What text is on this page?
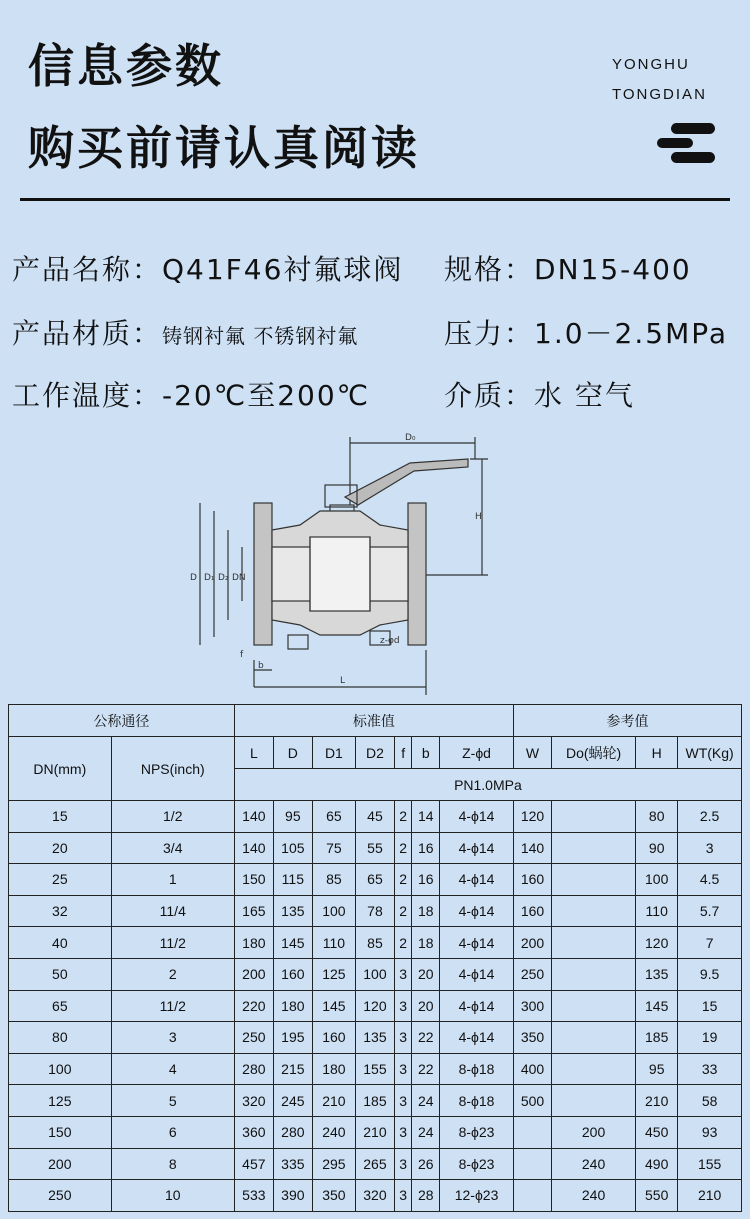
信息参数
购买前请认真阅读
YONGHU
TONGDIAN
产品名称：Q41F46衬氟球阀 规格：DN15-400
产品材质：铸钢衬氟 不锈钢衬氟	压力：1.0－2.5MPa
工作温度：-20℃至200℃	介质：水 空气
D₀
H
D D₁ D₂ DN
L
f
b
z-φd
公称通径		标准值							参考值			
DN(mm)	NPS(inch)	L	D	D1	D2	f	b	Z-ϕd	W	Do(蜗轮)	H	WT(Kg)
		PN1.0MPa										
15	1/2	140	95	65	45	2	14	4-ϕ14	120		80	2.5
20	3/4	140	105	75	55	2	16	4-ϕ14	140		90	3
25	1	150	115	85	65	2	16	4-ϕ14	160		100	4.5
32	11/4	165	135	100	78	2	18	4-ϕ14	160		110	5.7
40	11/2	180	145	110	85	2	18	4-ϕ14	200		120	7
50	2	200	160	125	100	3	20	4-ϕ14	250		135	9.5
65	11/2	220	180	145	120	3	20	4-ϕ14	300		145	15
80	3	250	195	160	135	3	22	4-ϕ14	350		185	19
100	4	280	215	180	155	3	22	8-ϕ18	400		95	33
125	5	320	245	210	185	3	24	8-ϕ18	500		210	58
150	6	360	280	240	210	3	24	8-ϕ23		200	450	93
200	8	457	335	295	265	3	26	8-ϕ23		240	490	155
250	10	533	390	350	320	3	28	12-ϕ23		240	550	210
